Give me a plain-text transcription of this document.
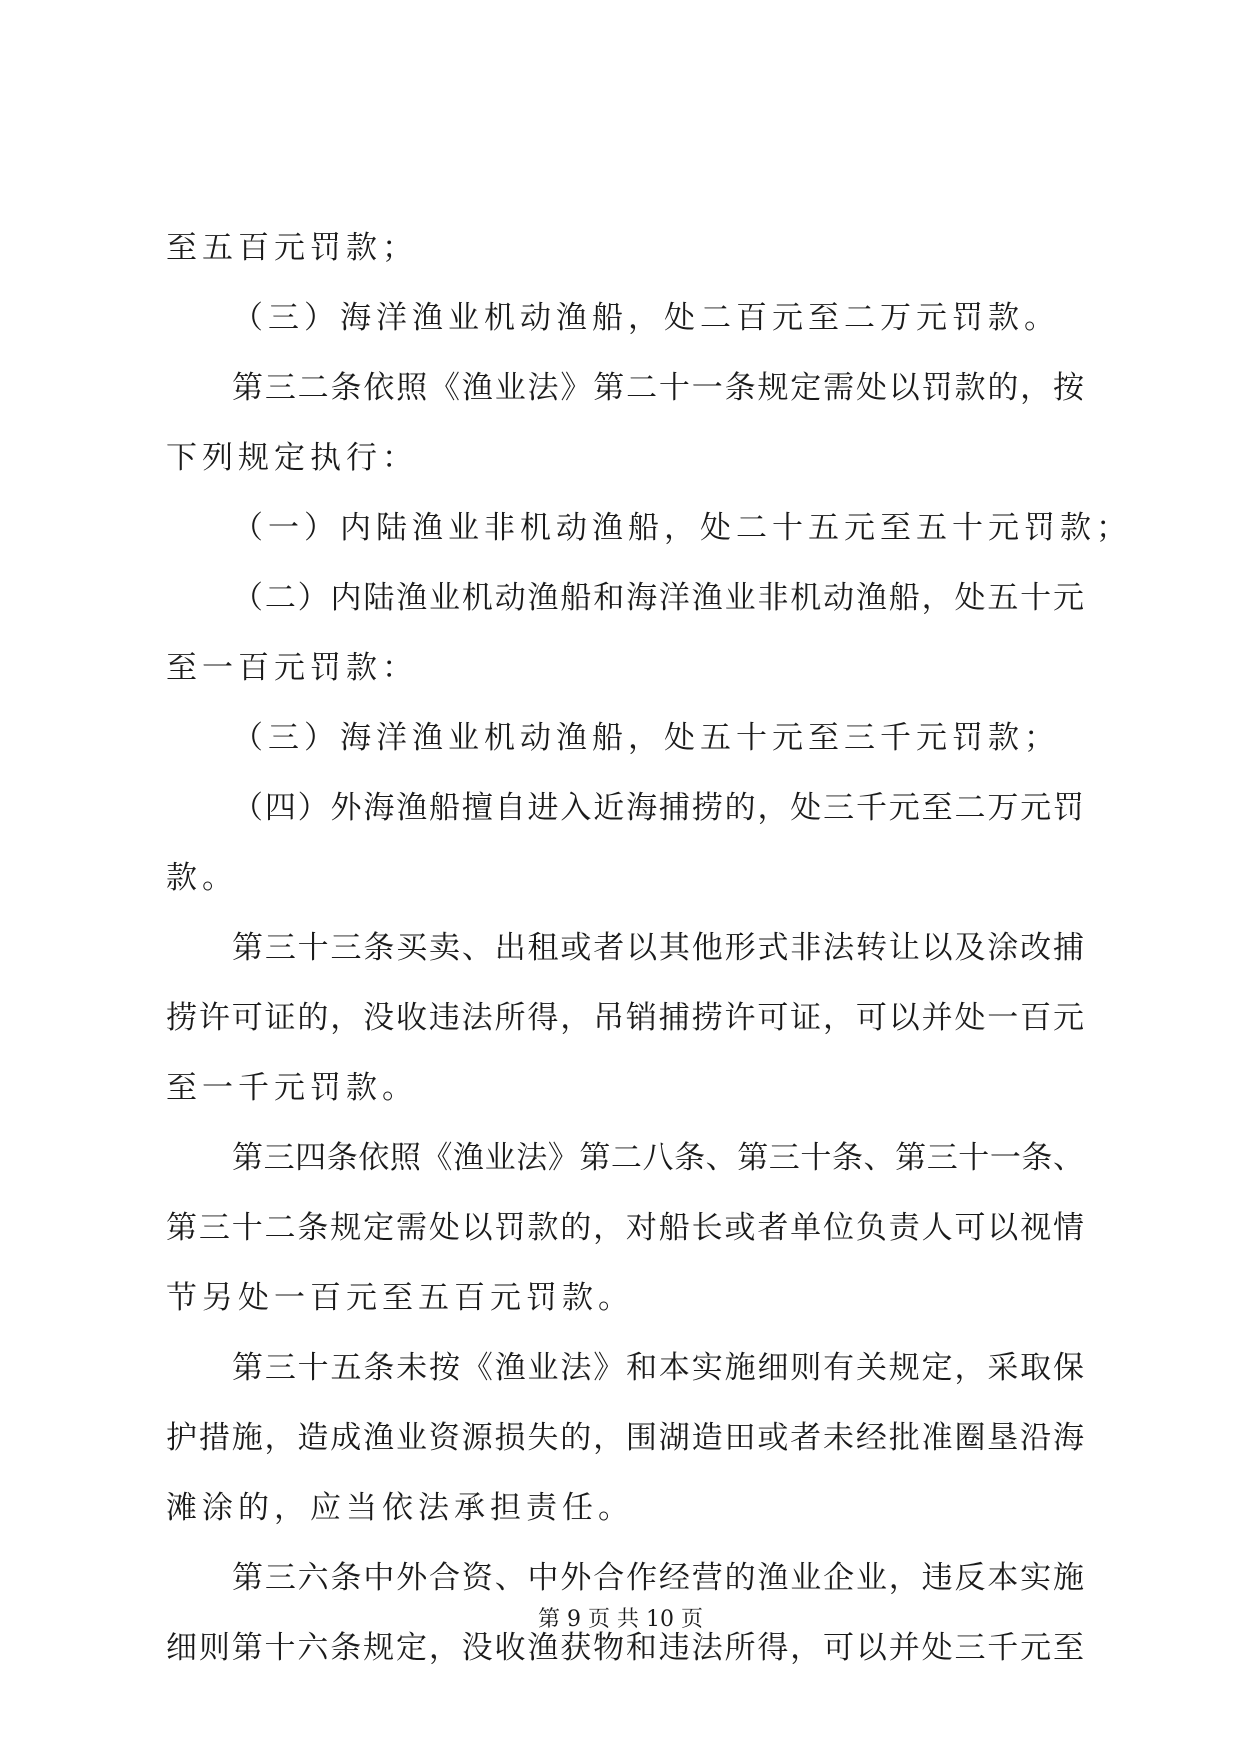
至五百元罚款；
（三）海洋渔业机动渔船，处二百元至二万元罚款。
第三二条依照《渔业法》第二十一条规定需处以罚款的，按
下列规定执行：
（一）内陆渔业非机动渔船，处二十五元至五十元罚款；
（二）内陆渔业机动渔船和海洋渔业非机动渔船，处五十元
至一百元罚款：
（三）海洋渔业机动渔船，处五十元至三千元罚款；
（四）外海渔船擅自进入近海捕捞的，处三千元至二万元罚
款。
第三十三条买卖、出租或者以其他形式非法转让以及涂改捕
捞许可证的，没收违法所得，吊销捕捞许可证，可以并处一百元
至一千元罚款。
第三四条依照《渔业法》第二八条、第三十条、第三十一条、
第三十二条规定需处以罚款的，对船长或者单位负责人可以视情
节另处一百元至五百元罚款。
第三十五条未按《渔业法》和本实施细则有关规定，采取保
护措施，造成渔业资源损失的，围湖造田或者未经批准圈垦沿海
滩涂的，应当依法承担责任。
第三六条中外合资、中外合作经营的渔业企业，违反本实施
细则第十六条规定，没收渔获物和违法所得，可以并处三千元至
第 9 页 共 10 页
